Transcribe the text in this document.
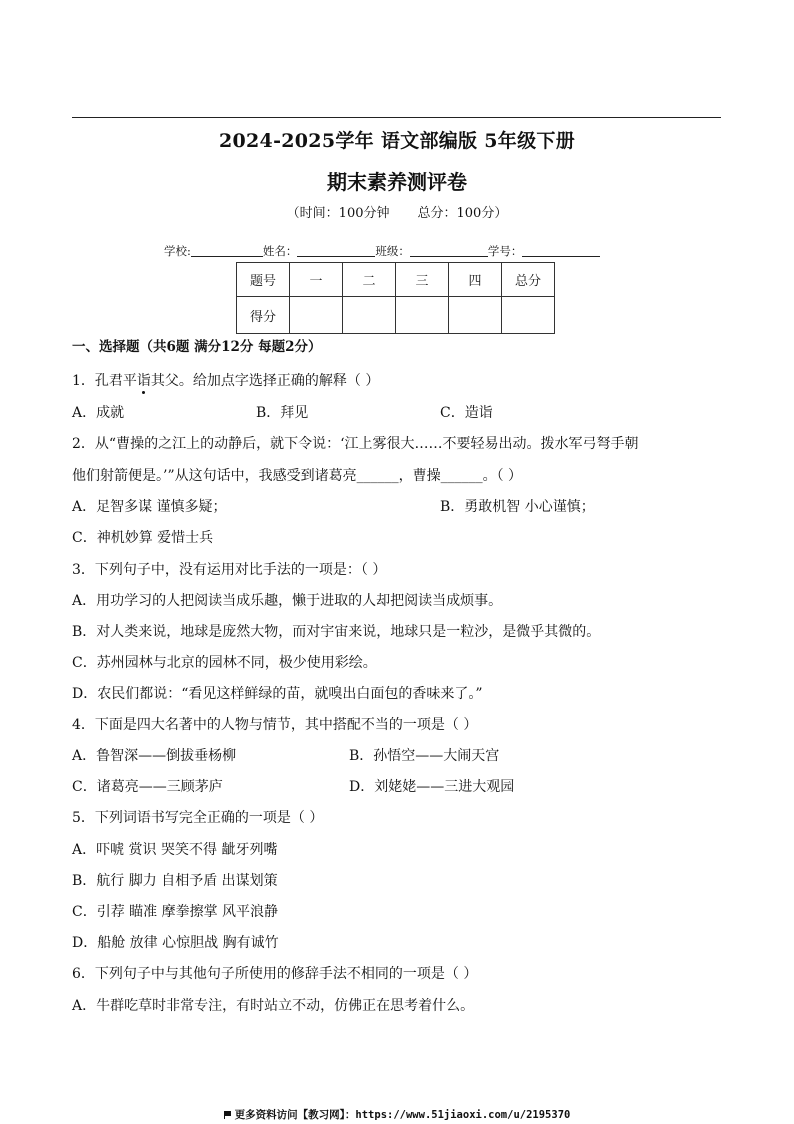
2024-2025学年 语文部编版 5年级下册
期末素养测评卷
（时间：100分钟 总分：100分）
学校:	姓名：	班级：	学号：
题号	一	二	三	四	总分
得分					
一、选择题（共6题 满分12分 每题2分）
1．孔君平诣其父。给加点字选择正确的解释（ ）
A．成就	B．拜见	C．造诣
2．从“曹操的之江上的动静后，就下令说：‘江上雾很大……不要轻易出动。拨水军弓弩手朝
他们射箭便是。’”从这句话中，我感受到诸葛亮______，曹操______。（ ）
A．足智多谋 谨慎多疑；	B．勇敢机智 小心谨慎；
C．神机妙算 爱惜士兵
3．下列句子中，没有运用对比手法的一项是：（ ）
A．用功学习的人把阅读当成乐趣，懒于进取的人却把阅读当成烦事。
B．对人类来说，地球是庞然大物，而对宇宙来说，地球只是一粒沙，是微乎其微的。
C．苏州园林与北京的园林不同，极少使用彩绘。
D．农民们都说：“看见这样鲜绿的苗，就嗅出白面包的香味来了。”
4．下面是四大名著中的人物与情节，其中搭配不当的一项是（ ）
A．鲁智深——倒拔垂杨柳	B．孙悟空——大闹天宫
C．诸葛亮——三顾茅庐	D．刘姥姥——三进大观园
5．下列词语书写完全正确的一项是（ ）
A．吓唬 赏识 哭笑不得 龇牙列嘴
B．航行 脚力 自相予盾 出谋划策
C．引荐 瞄准 摩拳擦掌 风平浪静
D．船舱 放律 心惊胆战 胸有诚竹
6．下列句子中与其他句子所使用的修辞手法不相同的一项是（ ）
A．牛群吃草时非常专注，有时站立不动，仿佛正在思考着什么。
更多资料访问【教习网】：https://www.51jiaoxi.com/u/2195370
